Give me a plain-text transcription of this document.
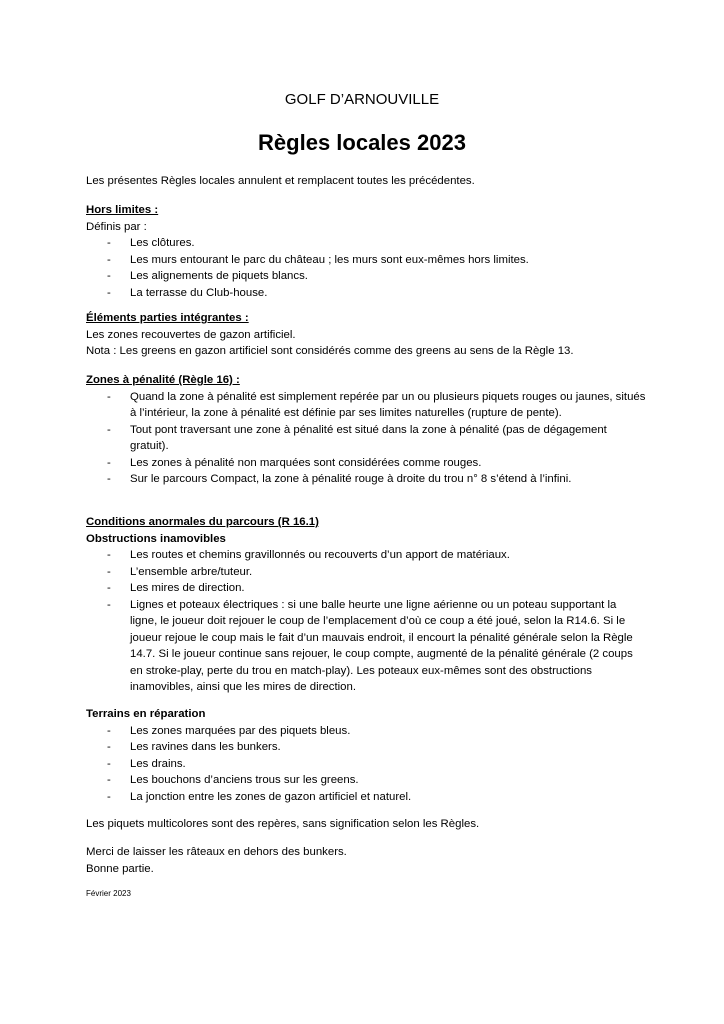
GOLF D’ARNOUVILLE
Règles locales 2023

Les présentes Règles locales annulent et remplacent toutes les précédentes.

Hors limites :

Définis par :

- Les clôtures.
- Les murs entourant le parc du château ; les murs sont eux-mêmes hors limites.
- Les alignements de piquets blancs.
- La terrasse du Club-house.

Éléments parties intégrantes :

Les zones recouvertes de gazon artificiel.

Nota : Les greens en gazon artificiel sont considérés comme des greens au sens de la Règle 13.

Zones à pénalité (Règle 16) :

- Quand la zone à pénalité est simplement repérée par un ou plusieurs piquets rouges ou jaunes, situés à l’intérieur, la zone à pénalité est définie par ses limites naturelles (rupture de pente).
- Tout pont traversant une zone à pénalité est situé dans la zone à pénalité (pas de dégagement gratuit).
- Les zones à pénalité non marquées sont considérées comme rouges.
- Sur le parcours Compact, la zone à pénalité rouge à droite du trou n° 8 s’étend à l’infini.

Conditions anormales du parcours (R 16.1)

Obstructions inamovibles

- Les routes et chemins gravillonnés ou recouverts d’un apport de matériaux.
- L’ensemble arbre/tuteur.
- Les mires de direction.
- Lignes et poteaux électriques : si une balle heurte une ligne aérienne ou un poteau supportant la ligne, le joueur doit rejouer le coup de l’emplacement d’où ce coup a été joué, selon la R14.6. Si le joueur rejoue le coup mais le fait d’un mauvais endroit, il encourt la pénalité générale selon la Règle 14.7. Si le joueur continue sans rejouer, le coup compte, augmenté de la pénalité générale (2 coups en stroke-play, perte du trou en match-play). Les poteaux eux-mêmes sont des obstructions inamovibles, ainsi que les mires de direction.

Terrains en réparation

- Les zones marquées par des piquets bleus.
- Les ravines dans les bunkers.
- Les drains.
- Les bouchons d’anciens trous sur les greens.
- La jonction entre les zones de gazon artificiel et naturel.

Les piquets multicolores sont des repères, sans signification selon les Règles.

Merci de laisser les râteaux en dehors des bunkers.

Bonne partie.

Février 2023
